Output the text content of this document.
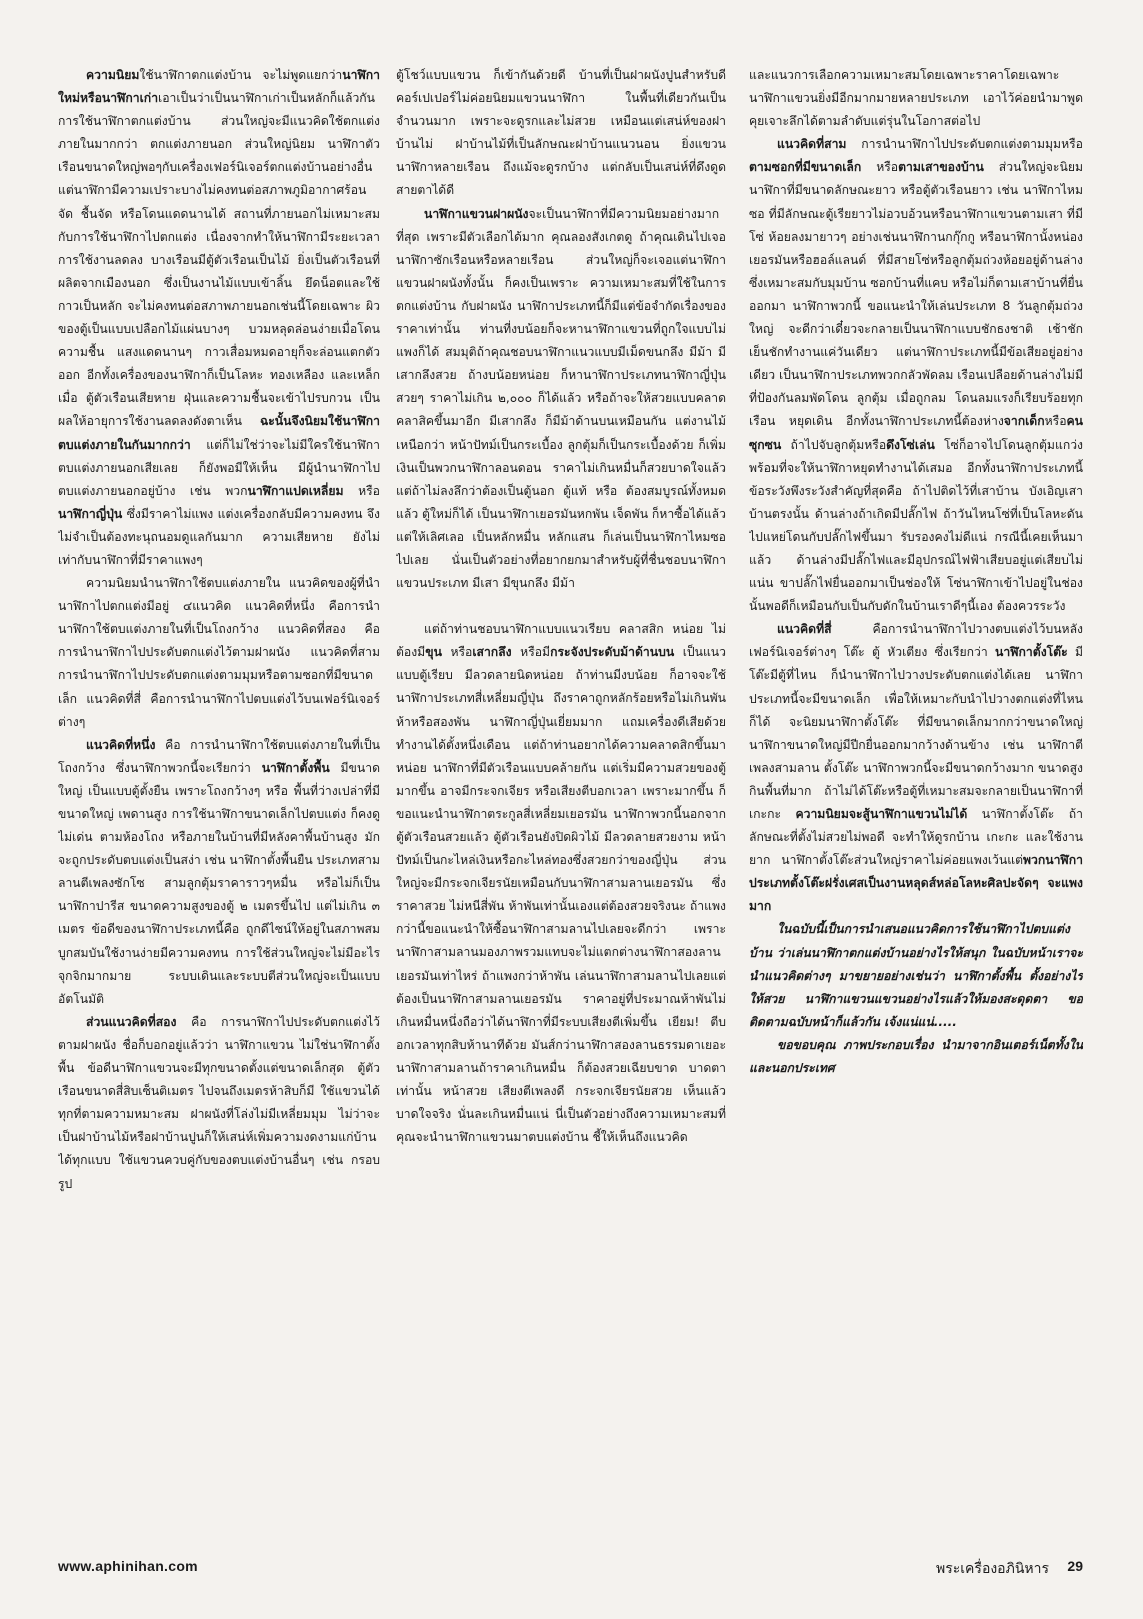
ความนิยมใช้นาฬิกาตกแต่งบ้าน จะไม่พูดแยกว่านาฬิกาใหม่หรือนาฬิกาเก่าเอาเป็นว่าเป็นนาฬิกาเก่าเป็นหลักก็แล้วกัน การใช้นาฬิกาตกแต่งบ้าน ส่วนใหญ่จะมีแนวคิดใช้ตกแต่งภายในมากกว่า ตกแต่งภายนอก ส่วนใหญ่นิยม นาฬิกาตัวเรือนขนาดใหญ่พอๆกับเครื่องเฟอร์นิเจอร์ตกแต่งบ้านอย่างอื่น แต่นาฬิกามีความเปราะบางไม่คงทนต่อสภาพภูมิอากาศร้อนจัด ชื้นจัด หรือโดนแดดนานได้ สถานที่ภายนอกไม่เหมาะสมกับการใช้นาฬิกาไปตกแต่ง เนื่องจากทำให้นาฬิกามีระยะเวลาการใช้งานลดลง บางเรือนมีตู้ตัวเรือนเป็นไม้ ยิ่งเป็นตัวเรือนที่ผลิตจากเมืองนอก ซึ่งเป็นงานไม้แบบเข้าลิ้น ยึดน็อตและใช้กาวเป็นหลัก จะไม่คงทนต่อสภาพภายนอกเช่นนี้โดยเฉพาะ ผิวของตู้เป็นแบบเปลือกไม้แผ่นบางๆ บวมหลุดล่อนง่ายเมื่อโดนความชื้น แสงแดดนานๆ กาวเสื่อมหมดอายุก็จะล่อนแตกตัวออก อีกทั้งเครื่องของนาฬิกาก็เป็นโลหะ ทองเหลือง และเหล็ก เมื่อ ตู้ตัวเรือนเสียหาย ฝุ่นและความชื้นจะเข้าไปรบกวน เป็นผลให้อายุการใช้งานลดลงดังตาเห็น ฉะนั้นจึงนิยมใช้นาฬิกาตบแต่งภายในกันมากกว่า แต่ก็ไม่ใช่ว่าจะไม่มีใครใช้นาฬิกาตบแต่งภายนอกเสียเลย ก็ยังพอมีให้เห็น มีผู้นำนาฬิกาไปตบแต่งภายนอกอยู่บ้าง เช่น พวกนาฬิกาแปดเหลี่ยม หรือนาฬิกาญี่ปุ่น ซึ่งมีราคาไม่แพง แต่งเครื่องกลับมีความคงทน จึงไม่จำเป็นต้องทะนุถนอมดูแลกันมาก ความเสียหาย ยังไม่เท่ากับนาฬิกาที่มีราคาแพงๆ

ความนิยมนำนาฬิกาใช้ตบแต่งภายใน แนวคิดของผู้ที่นำนาฬิกาไปตกแต่งมีอยู่ ๔แนวคิด แนวคิดที่หนึ่ง คือการนำนาฬิกาใช้ตบแต่งภายในที่เป็นโถงกว้าง แนวคิดที่สอง คือ การนำนาฬิกาไปประดับตกแต่งไว้ตามฝาผนัง แนวคิดที่สาม การนำนาฬิกาไปประดับตกแต่งตามมุมหรือตามซอกที่มีขนาดเล็ก แนวคิดที่สี่ คือการนำนาฬิกาไปตบแต่งไว้บนเฟอร์นิเจอร์ต่างๆ

แนวคิดที่หนึ่ง คือ การนำนาฬิกาใช้ตบแต่งภายในที่เป็นโถงกว้าง ซึ่งนาฬิกาพวกนี้จะเรียกว่า นาฬิกาตั้งพื้น มีขนาดใหญ่ เป็นแบบตู้ตั้งยืน เพราะโถงกว้างๆ หรือ พื้นที่ว่างเปล่าที่มีขนาดใหญ่ เพดานสูง การใช้นาฬิกาขนาดเล็กไปตบแต่ง ก็คงดูไม่เด่น ตามห้องโถง หรือภายในบ้านที่มีหลังคาพื้นบ้านสูง มักจะถูกประดับตบแต่งเป็นสง่า เช่น นาฬิกาตั้งพื้นยืน ประเภทสามลานตีเพลงซักโซ สามลูกตุ้มราคาราวๆหมื่น หรือไม่ก็เป็นนาฬิกาปารีส ขนาดความสูงของตู้ ๒ เมตรขึ้นไป แต่ไม่เกิน ๓ เมตร ข้อดีของนาฬิกาประเภทนี้คือ ถูกดีไซน์ให้อยู่ในสภาพสมบูกสมบันใช้งานง่ายมีความคงทน การใช้ส่วนใหญ่จะไม่มีอะไรจุกจิกมากมาย ระบบเดินและระบบตีส่วนใหญ่จะเป็นแบบอัตโนมัติ

ส่วนแนวคิดที่สอง คือ การนาฬิกาไปประดับตกแต่งไว้ตามฝาผนัง ชื่อก็บอกอยู่แล้วว่า นาฬิกาแขวน ไม่ใช่นาฬิกาตั้งพื้น ข้อดีนาฬิกาแขวนจะมีทุกขนาดตั้งแต่ขนาดเล็กสุด ตู้ตัวเรือนขนาดสี่สิบเซ็นติเมตร ไปจนถึงเมตรห้าสิบก็มี ใช้แขวนได้ทุกที่ตามความหมาะสม ฝาผนังที่โล่งไม่มีเหลี่ยมมุม ไม่ว่าจะเป็นฝาบ้านไม้หรือฝาบ้านปูนก็ให้เสน่ห์เพิ่มความงดงามแก่บ้านได้ทุกแบบ ใช้แขวนควบคู่กับของตบแต่งบ้านอื่นๆ เช่น กรอบรูป

ตู้โชว์แบบแขวน ก็เข้ากันด้วยดี บ้านที่เป็นฝาผนังปูนสำหรับดีคอร์เปเปอร์ไม่ค่อยนิยมแขวนนาฬิกา ในพื้นที่เดียวกันเป็นจำนวนมาก เพราะจะดูรกและไม่สวย เหมือนแต่เสน่ห์ของฝาบ้านไม่ ฝาบ้านไม้ที่เป็นลักษณะฝาบ้านแนวนอน ยิ่งแขวนนาฬิกาหลายเรือน ถึงแม้จะดูรกบ้าง แต่กลับเป็นเสน่ห์ที่ดึงดูดสายตาได้ดี

นาฬิกาแขวนฝาผนังจะเป็นนาฬิกาที่มีความนิยมอย่างมากที่สุด เพราะมีตัวเลือกได้มาก คุณลองสังเกตดู ถ้าคุณเดินไปเจอนาฬิกาซักเรือนหรือหลายเรือน ส่วนใหญ่ก็จะเจอแต่นาฬิกาแขวนฝาผนังทั้งนั้น ก็คงเป็นเพราะ ความเหมาะสมที่ใช้ในการตกแต่งบ้าน กับฝาผนัง นาฬิกาประเภทนี้ก็มีแต่ข้อจำกัดเรื่องของ ราคาเท่านั้น ท่านที่งบน้อยก็จะหานาฬิกาแขวนที่ถูกใจแบบไม่แพงก็ได้ สมมุติถ้าคุณชอบนาฬิกาแนวแบบมีเม็ดขนกลึง มีม้า มีเสากลึงสวย ถ้างบน้อยหน่อย ก็หานาฬิกาประเภทนาฬิกาญี่ปุ่นสวยๆ ราคาไม่เกิน ๒,๐๐๐ ก็ได้แล้ว หรือถ้าจะให้สวยแบบคลาดคลาสิคขึ้นมาอีก มีเสากลึง ก็มีม้าด้านบนเหมือนกัน แต่งานไม้เหนือกว่า หน้าปัทม์เป็นกระเบื้อง ลูกตุ้มก็เป็นกระเบื้องด้วย ก็เพิ่มเงินเป็นพวกนาฬิกาลอนดอน ราคาไม่เกินหมื่นก็สวยบาดใจแล้ว แต่ถ้าไม่ลงลึกว่าต้องเป็นตู้นอก ตู้แท้ หรือ ต้องสมบูรณ์ทั้งหมดแล้ว ตู้ใหม่ก็ได้ เป็นนาฬิกาเยอรมันหกพัน เจ็ดพัน ก็หาซื้อได้แล้ว แต่ให้เลิศเลอ เป็นหลักหมื่น หลักแสน ก็เล่นเป็นนาฬิกาไหมซอไปเลย นั่นเป็นตัวอย่างที่อยากยกมาสำหรับผู้ที่ชื่นชอบนาฬิกาแขวนประเภท มีเสา มีขุนกลึง มีม้า

แต่ถ้าท่านชอบนาฬิกาแบบแนวเรียบ คลาสสิก หน่อย ไม่ต้องมีขุน หรือเสากลึง หรือมีกระจังประดับม้าด้านบน เป็นแนวแบบตู้เรียบ มีลวดลายนิดหน่อย ถ้าท่านมีงบน้อย ก็อาจจะใช้นาฬิกาประเภทสี่เหลี่ยมญี่ปุ่น ถึงราคาถูกหลักร้อยหรือไม่เกินพันห้าหรือสองพัน นาฬิกาญี่ปุ่นเยี่ยมมาก แถมเครื่องดีเสียด้วย ทำงานได้ตั้งหนึ่งเดือน แต่ถ้าท่านอยากได้ความคลาดสิกขึ้นมาหน่อย นาฬิกาที่มีตัวเรือนแบบคล้ายกัน แต่เริ่มมีความสวยของตู้มากขึ้น อาจมีกระจกเจียร หรือเสียงตีบอกเวลา เพราะมากขึ้น ก็ขอแนะนำนาฬิกาตระกูลสี่เหลี่ยมเยอรมัน นาฬิกาพวกนี้นอกจากตู้ตัวเรือนสวยแล้ว ตู้ตัวเรือนยังปิดผิวไม้ มีลวดลายสวยงาม หน้าปัทม์เป็นกะไหล่เงินหรือกะไหล่ทองซึ่งสวยกว่าของญี่ปุ่น ส่วนใหญ่จะมีกระจกเจียรนัยเหมือนกับนาฬิกาสามลานเยอรมัน ซึ่งราคาสวย ไม่หนีสี่พัน ห้าพันเท่านั้นเองแต่ต้องสวยจริงนะ ถ้าแพงกว่านี้ขอแนะนำให้ซื้อนาฬิกาสามลานไปเลยจะดีกว่า เพราะนาฬิกาสามลานมองภาพรวมแทบจะไม่แตกต่างนาฬิกาสองลานเยอรมันเท่าไหร่ ถ้าแพงกว่าห้าพัน เล่นนาฬิกาสามลานไปเลยแต่ต้องเป็นนาฬิกาสามลานเยอรมัน ราคาอยู่ที่ประมาณห้าพันไม่เกินหมื่นหนึ่งถือว่าได้นาฬิกาที่มีระบบเสียงตีเพิ่มขึ้น เยียม! ตีบอกเวลาทุกสิบห้านาทีด้วย มันส์กว่านาฬิกาสองลานธรรมดาเยอะ นาฬิกาสามลานถ้าราคาเกินหมื่น ก็ต้องสวยเฉียบขาด บาดตาเท่านั้น หน้าสวย เสียงตีเพลงดี กระจกเจียรนัยสวย เห็นแล้วบาดใจจริง นั่นละเกินหมื่นแน่ นี่เป็นตัวอย่างถึงความเหมาะสมที่คุณจะนำนาฬิกาแขวนมาตบแต่งบ้าน ชี้ให้เห็นถึงแนวคิด

และแนวการเลือกความเหมาะสมโดยเฉพาะราคาโดยเฉพาะนาฬิกาแขวนยิ่งมีอีกมากมายหลายประเภท เอาไว้ค่อยนำมาพูดคุยเจาะลึกได้ตามลำดับแต่รุ่นในโอกาสต่อไป

แนวคิดที่สาม การนำนาฬิกาไปประดับตกแต่งตามมุมหรือตามซอกที่มีขนาดเล็ก หรือตามเสาของบ้าน ส่วนใหญ่จะนิยมนาฬิกาที่มีขนาดลักษณะยาว หรือตู้ตัวเรือนยาว เช่น นาฬิกาไหมซอ ที่มีลักษณะตู้เรียยาวไม่อวบอ้วนหรือนาฬิกาแขวนตามเสา ที่มีโซ่ ห้อยลงมายาวๆ อย่างเช่นนาฬิกานกกุ๊กกู หรือนาฬิกานั้งหน่องเยอรมันหรือฮอล์แลนด์ ที่มีสายโซ่หรือลูกตุ้มถ่วงห้อยอยู่ด้านล่าง ซึ่งเหมาะสมกับมุมบ้าน ซอกบ้านที่แคบ หรือไม่ก็ตามเสาบ้านที่ยื่นออกมา นาฬิกาพวกนี้ ขอแนะนำให้เล่นประเภท 8 วันลูกตุ้มถ่วงใหญ่ จะดีกว่าเดี๋ยวจะกลายเป็นนาฬิกาแบบชักธงชาติ เช้าชัก เย็นชักทำงานแค่วันเดียว แต่นาฬิกาประเภทนี้มีข้อเสียอยู่อย่างเดียว เป็นนาฬิกาประเภทพวกกลัวพัดลม เรือนเปลือยด้านล่างไม่มีที่ป้องกันลมพัดโดน ลูกตุ้ม เมื่อถูกลม โดนลมแรงก็เรียบร้อยทุกเรือน หยุดเดิน อีกทั้งนาฬิกาประเภทนี้ต้องห่างจากเด็กหรือคนซุกซน ถ้าไปจับลูกตุ้มหรือดึงโซ่เล่น โซ่ก็อาจไปโดนลูกตุ้มแกว่งพร้อมที่จะให้นาฬิกาหยุดทำงานได้เสมอ อีกทั้งนาฬิกาประเภทนี้ข้อระวังพึงระวังสำคัญที่สุดคือ ถ้าไปติดไว้ที่เสาบ้าน บังเอิญเสาบ้านตรงนั้น ด้านล่างถ้าเกิดมีปลั๊กไฟ ถ้าวันไหนโซ่ที่เป็นโลหะดันไปแหย่โดนกับปลั๊กไฟขึ้นมา รับรองคงไม่ดีแน่ กรณีนี้เคยเห็นมาแล้ว ด้านล่างมีปลั๊กไฟและมีอุปกรณ์ไฟฟ้าเสียบอยู่แต่เสียบไม่แน่น ขาปลั๊กไฟยื่นออกมาเป็นช่องให้ โซ่นาฬิกาเข้าไปอยู่ในช่องนั้นพอดีก็เหมือนกับเป็นกับดักในบ้านเราดีๆนี้เอง ต้องควรระวัง

แนวคิดที่สี่ คือการนำนาฬิกาไปวางตบแต่งไว้บนหลังเฟอร์นิเจอร์ต่างๆ โต๊ะ ตู้ หัวเตียง ซึ่งเรียกว่า นาฬิกาตั้งโต๊ะ มีโต๊ะมีตู้ที่ไหน ก็นำนาฬิกาไปวางประดับตกแต่งได้เลย นาฬิกาประเภทนี้จะมีขนาดเล็ก เพื่อให้เหมาะกับนำไปวางตกแต่งที่ไหนก็ได้ จะนิยมนาฬิกาตั้งโต๊ะ ที่มีขนาดเล็กมากกว่าขนาดใหญ่ นาฬิกาขนาดใหญ่มีปีกยื่นออกมากว้างด้านข้าง เช่น นาฬิกาตีเพลงสามลาน ตั้งโต๊ะ นาฬิกาพวกนี้จะมีขนาดกว้างมาก ขนาดสูง กินพื้นที่มาก ถ้าไม่ได้โต๊ะหรือตู้ที่เหมาะสมจะกลายเป็นนาฬิกาที่เกะกะ ความนิยมจะสู้นาฬิกาแขวนไม่ได้ นาฬิกาตั้งโต๊ะ ถ้าลักษณะที่ตั้งไม่สวยไม่พอดี จะทำให้ดูรกบ้าน เกะกะ และใช้งานยาก นาฬิกาตั้งโต๊ะส่วนใหญ่ราคาไม่ค่อยแพงเว้นแต่พวกนาฬิกาประเภทตั้งโต๊ะฝรั่งเศสเป็นงานหลุดส์หล่อโลหะศิลปะจัดๆ จะแพงมาก

ในฉบับนี้เป็นการนำเสนอแนวคิดการใช้นาฬิกาไปตบแต่งบ้าน ว่าเล่นนาฬิกาตกแต่งบ้านอย่างไรให้สนุก ในฉบับหน้าเราจะนำแนวคิดต่างๆ มาขยายอย่างเช่นว่า นาฬิกาตั้งพื้น ตั้งอย่างไรให้สวย นาฬิกาแขวนแขวนอย่างไรแล้วให้มองสะดุดตา ขอติดตามฉบับหน้าก็แล้วกัน เจ้งแน่แน่.....

ขอขอบคุณ ภาพประกอบเรื่อง นำมาจากอินเตอร์เน็ตทั้งในและนอกประเทศ

www.aphinihan.com	พระเครื่องอภินิหาร 29
